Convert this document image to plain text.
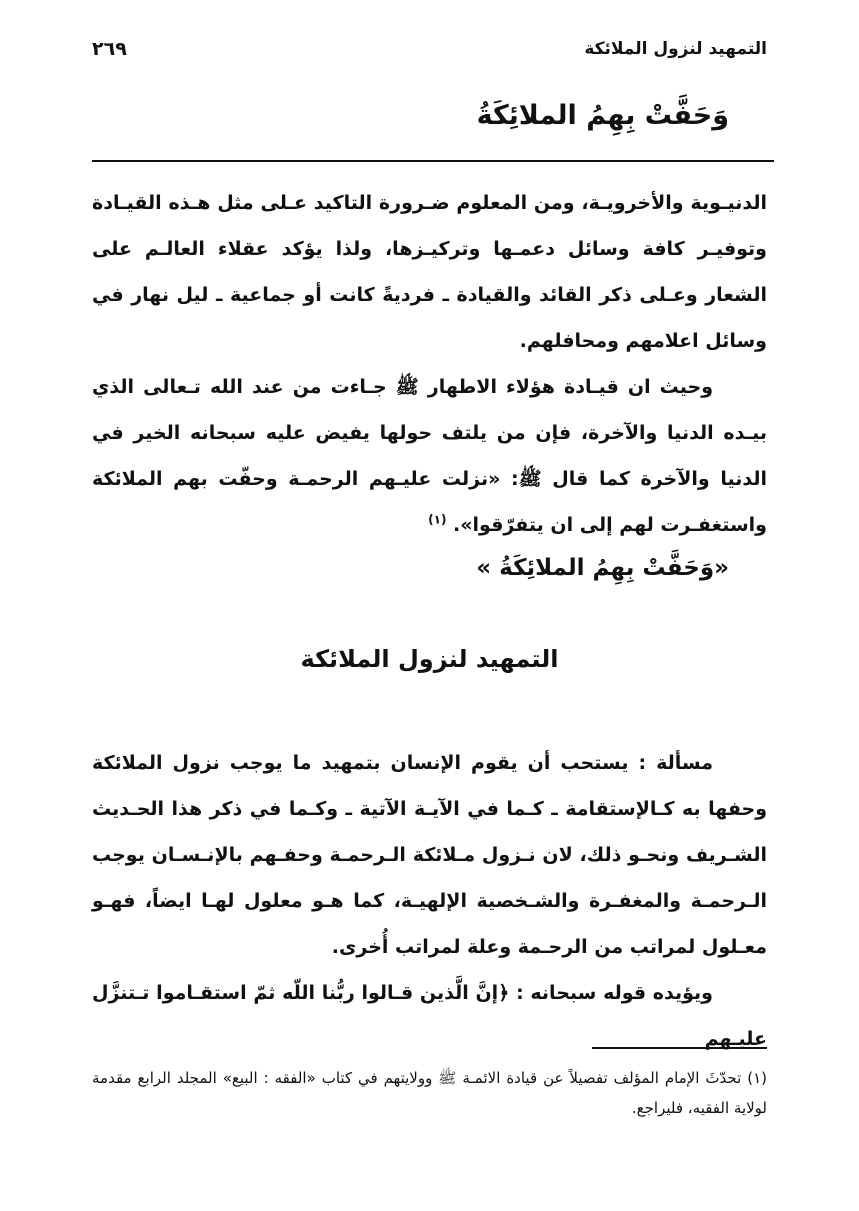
التمهيد لنزول الملائكة
٢٦٩
وَحَفَّتْ بِهِمُ الملائِكَةُ

الدنيـوية والأخرويـة، ومن المعلوم ضـرورة التاكيد عـلى مثل هـذه القيـادة وتوفيـر كافة وسائل دعمـها وتركيـزها، ولذا يؤكد عقلاء العالـم على الشعار وعـلى ذكر القائد والقيادة ـ فرديةً كانت أو جماعية ـ ليل نهار في وسائل اعلامهم ومحافلهم.

وحيث ان قيـادة هؤلاء الاطهار ﷺ جـاءت من عند الله تـعالى الذي بيـده الدنيا والآخرة، فإن من يلتف حولها يفيض عليه سبحانه الخير في الدنيا والآخرة كما قال ﷺ: «نزلت عليـهم الرحمـة وحفّت بهم الملائكة واستغفـرت لهم إلى ان يتفرّقوا». $^{(١)}$

«وَحَفَّتْ بِهِمُ الملائِكَةُ »
التمهيد لنزول الملائكة

مسألة : يستحب أن يقوم الإنسان بتمهيد ما يوجب نزول الملائكة وحفها به كـالإستقامة ـ كـما في الآيـة الآتية ـ وكـما في ذكر هذا الحـديث الشـريف ونحـو ذلك، لان نـزول مـلائكة الـرحمـة وحفـهم بالإنـسـان يوجب الـرحمـة والمغفـرة والشـخصية الإلهيـة، كما هـو معلول لهـا ايضاً، فهـو معـلول لمراتب من الرحـمة وعلة لمراتب أُخرى.

ويؤيده قوله سبحانه : ﴿إنَّ الَّذين قـالوا ربُّنا اللّه ثمّ استقـاموا تـتنزَّل عليـهم

(١) تحدّثَ الإمام المؤلف تفصيلاً عن قيادة الائمـة ﷺ وولايتهم في كتاب «الفقه : البيع» المجلد الرابع مقدمة لولاية الفقيه، فليراجع.
